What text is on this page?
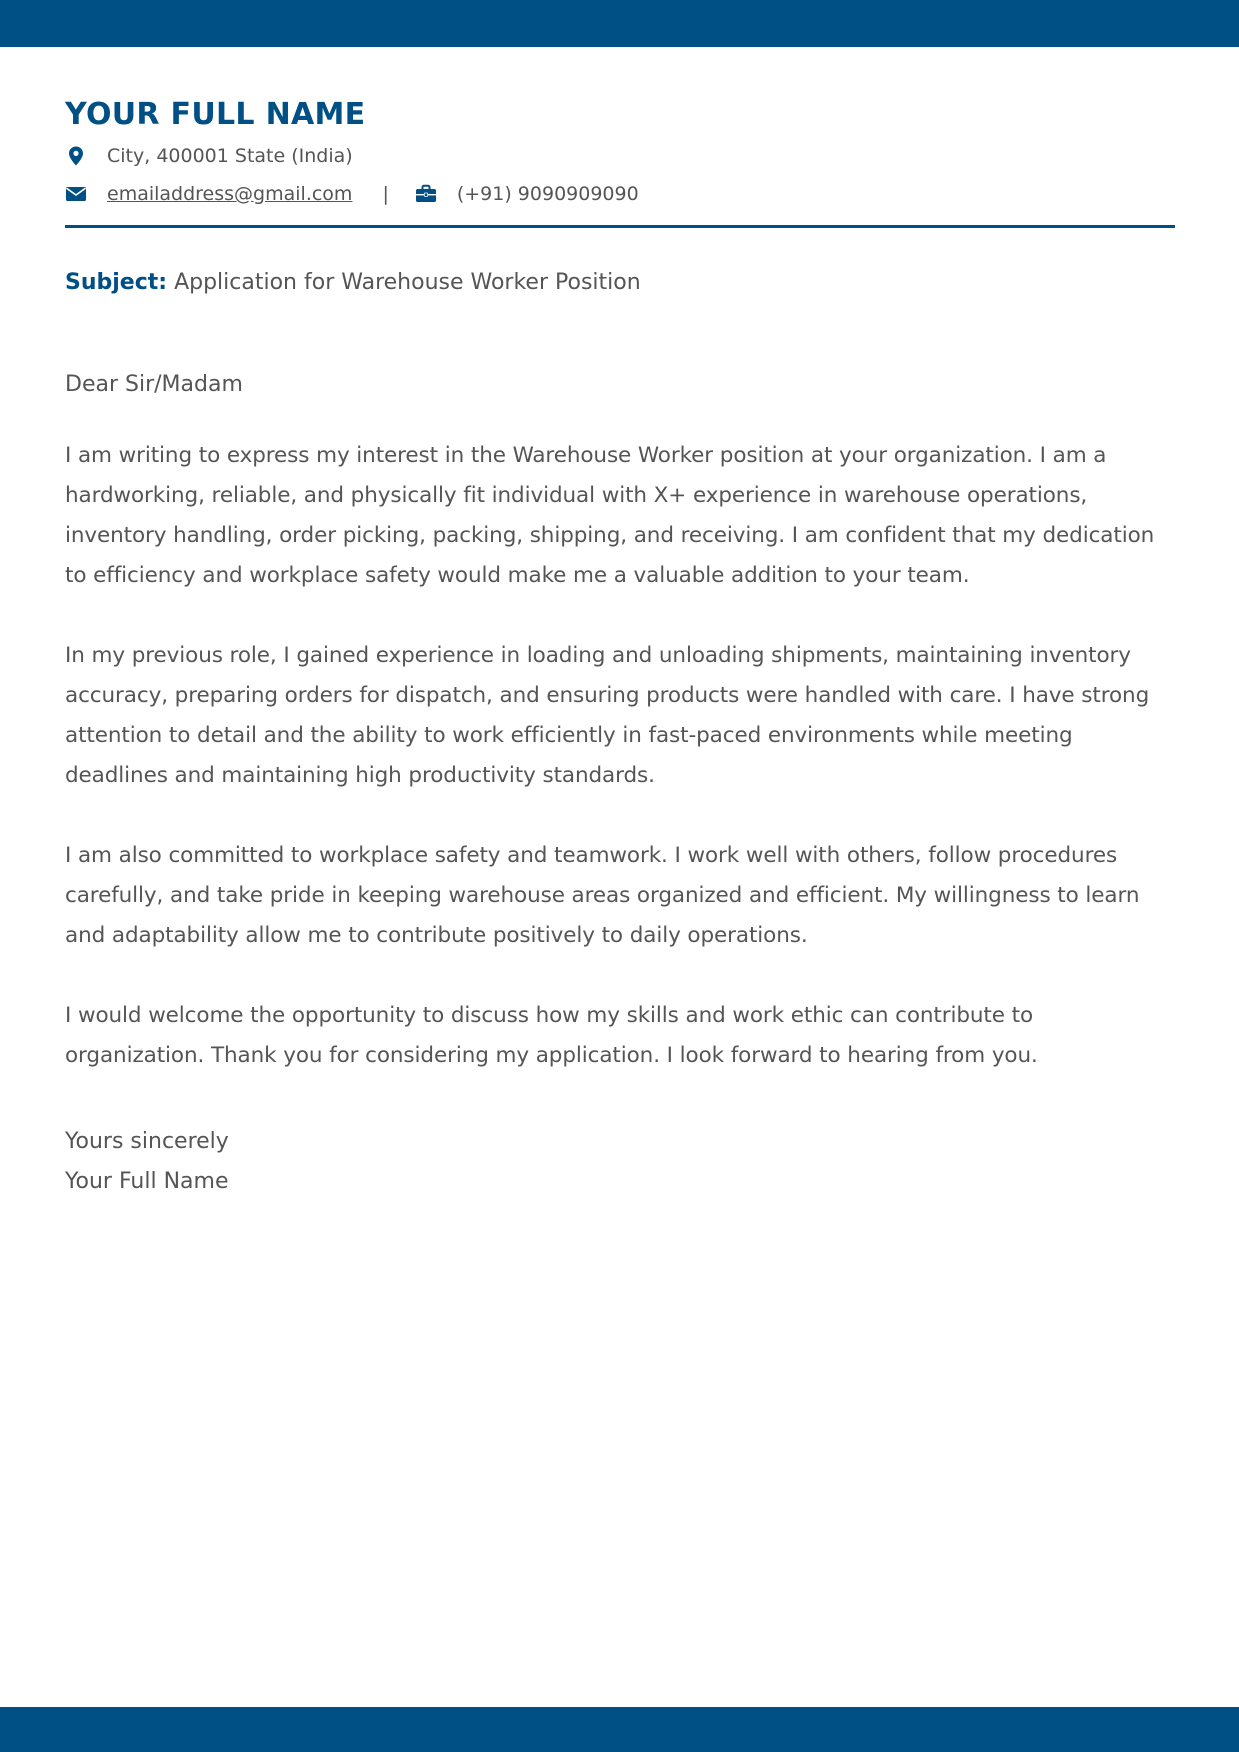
YOUR FULL NAME
City, 400001 State (India)
emailaddress@gmail.com |	(+91) 9090909090
Subject: Application for Warehouse Worker Position
Dear Sir/Madam

I am writing to express my interest in the Warehouse Worker position at your organization. I am a hardworking, reliable, and physically fit individual with X+ experience in warehouse operations, inventory handling, order picking, packing, shipping, and receiving. I am confident that my dedication to efficiency and workplace safety would make me a valuable addition to your team.

In my previous role, I gained experience in loading and unloading shipments, maintaining inventory accuracy, preparing orders for dispatch, and ensuring products were handled with care. I have strong attention to detail and the ability to work efficiently in fast-paced environments while meeting deadlines and maintaining high productivity standards.

I am also committed to workplace safety and teamwork. I work well with others, follow procedures carefully, and take pride in keeping warehouse areas organized and efficient. My willingness to learn and adaptability allow me to contribute positively to daily operations.

I would welcome the opportunity to discuss how my skills and work ethic can contribute to organization. Thank you for considering my application. I look forward to hearing from you.

Yours sincerely
Your Full Name
